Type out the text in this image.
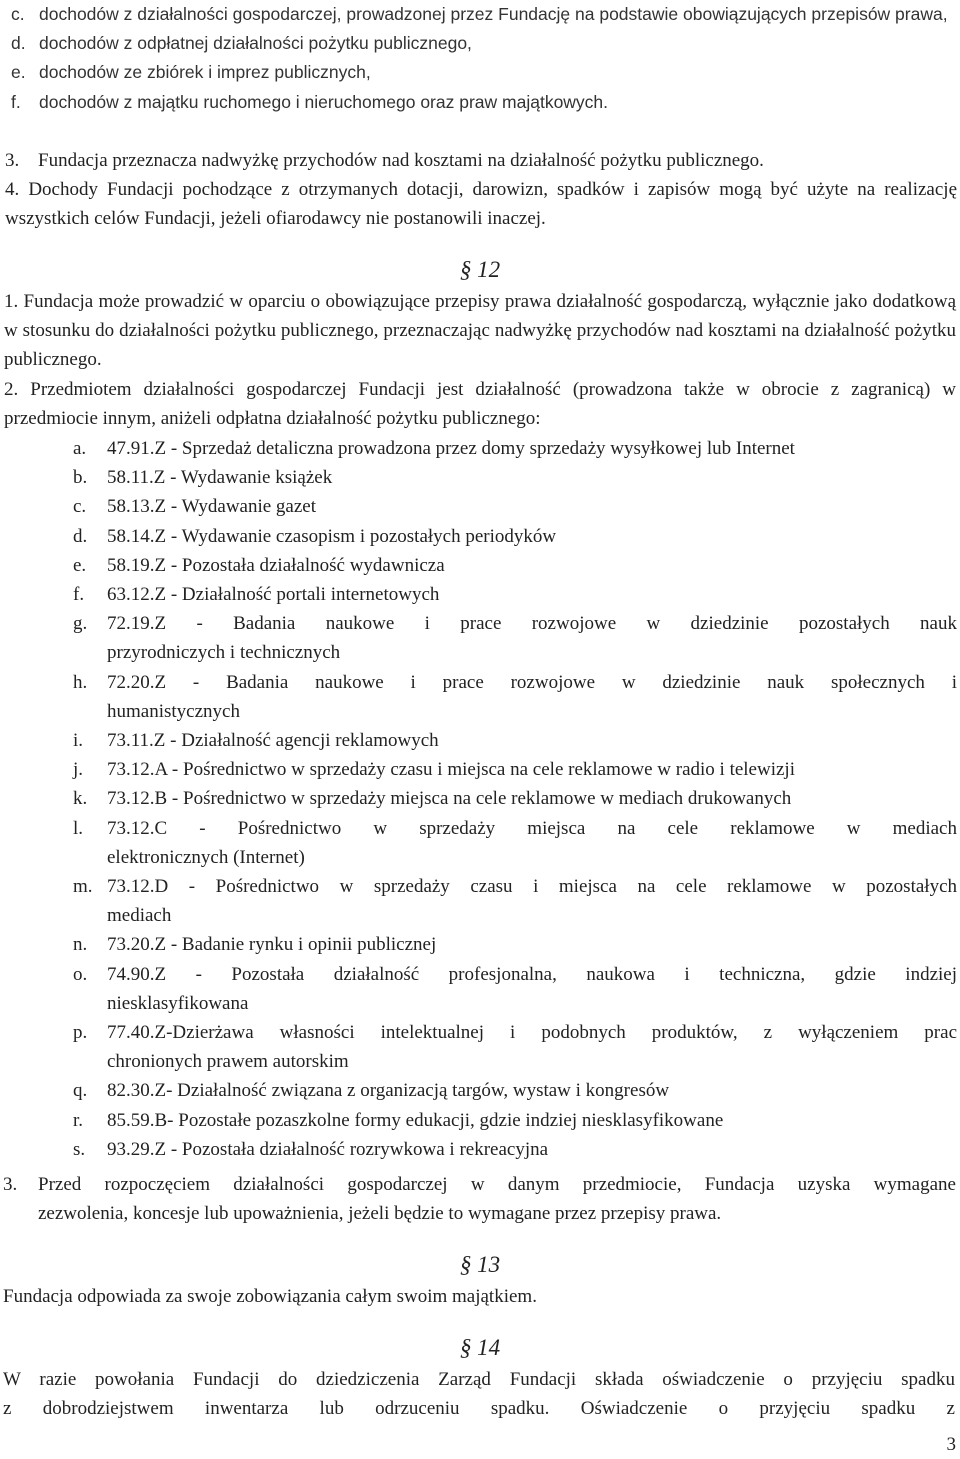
c. dochodów z działalności gospodarczej, prowadzonej przez Fundację na podstawie obowiązujących przepisów prawa,
d. dochodów z odpłatnej działalności pożytku publicznego,
e. dochodów ze zbiórek i imprez publicznych,
f. dochodów z majątku ruchomego i nieruchomego oraz praw majątkowych.
3. Fundacja przeznacza nadwyżkę przychodów nad kosztami na działalność pożytku publicznego.
4. Dochody Fundacji pochodzące z otrzymanych dotacji, darowizn, spadków i zapisów mogą być użyte na realizację wszystkich celów Fundacji, jeżeli ofiarodawcy nie postanowili inaczej.
§ 12
1. Fundacja może prowadzić w oparciu o obowiązujące przepisy prawa działalność gospodarczą, wyłącznie jako dodatkową w stosunku do działalności pożytku publicznego, przeznaczając nadwyżkę przychodów nad kosztami na działalność pożytku publicznego.
2. Przedmiotem działalności gospodarczej Fundacji jest działalność (prowadzona także w obrocie z zagranicą) w przedmiocie innym, aniżeli odpłatna działalność pożytku publicznego:
a. 47.91.Z - Sprzedaż detaliczna prowadzona przez domy sprzedaży wysyłkowej lub Internet
b. 58.11.Z - Wydawanie książek
c. 58.13.Z - Wydawanie gazet
d. 58.14.Z - Wydawanie czasopism i pozostałych periodyków
e. 58.19.Z - Pozostała działalność wydawnicza
f. 63.12.Z - Działalność portali internetowych
g. 72.19.Z - Badania naukowe i prace rozwojowe w dziedzinie pozostałych nauk
przyrodniczych i technicznych
h. 72.20.Z - Badania naukowe i prace rozwojowe w dziedzinie nauk społecznych i
humanistycznych
i. 73.11.Z - Działalność agencji reklamowych
j. 73.12.A - Pośrednictwo w sprzedaży czasu i miejsca na cele reklamowe w radio i telewizji
k. 73.12.B - Pośrednictwo w sprzedaży miejsca na cele reklamowe w mediach drukowanych
l. 73.12.C - Pośrednictwo w sprzedaży miejsca na cele reklamowe w mediach
elektronicznych (Internet)
m. 73.12.D - Pośrednictwo w sprzedaży czasu i miejsca na cele reklamowe w pozostałych
mediach
n. 73.20.Z - Badanie rynku i opinii publicznej
o. 74.90.Z - Pozostała działalność profesjonalna, naukowa i techniczna, gdzie indziej
niesklasyfikowana
p. 77.40.Z-Dzierżawa własności intelektualnej i podobnych produktów, z wyłączeniem prac
chronionych prawem autorskim
q. 82.30.Z- Działalność związana z organizacją targów, wystaw i kongresów
r. 85.59.B- Pozostałe pozaszkolne formy edukacji, gdzie indziej niesklasyfikowane
s. 93.29.Z - Pozostała działalność rozrywkowa i rekreacyjna
3. Przed rozpoczęciem działalności gospodarczej w danym przedmiocie, Fundacja uzyska wymagane
zezwolenia, koncesje lub upoważnienia, jeżeli będzie to wymagane przez przepisy prawa.
§ 13
Fundacja odpowiada za swoje zobowiązania całym swoim majątkiem.
§ 14
W razie powołania Fundacji do dziedziczenia Zarząd Fundacji składa oświadczenie o przyjęciu spadku
z dobrodziejstwem inwentarza lub odrzuceniu spadku. Oświadczenie o przyjęciu spadku z
3
